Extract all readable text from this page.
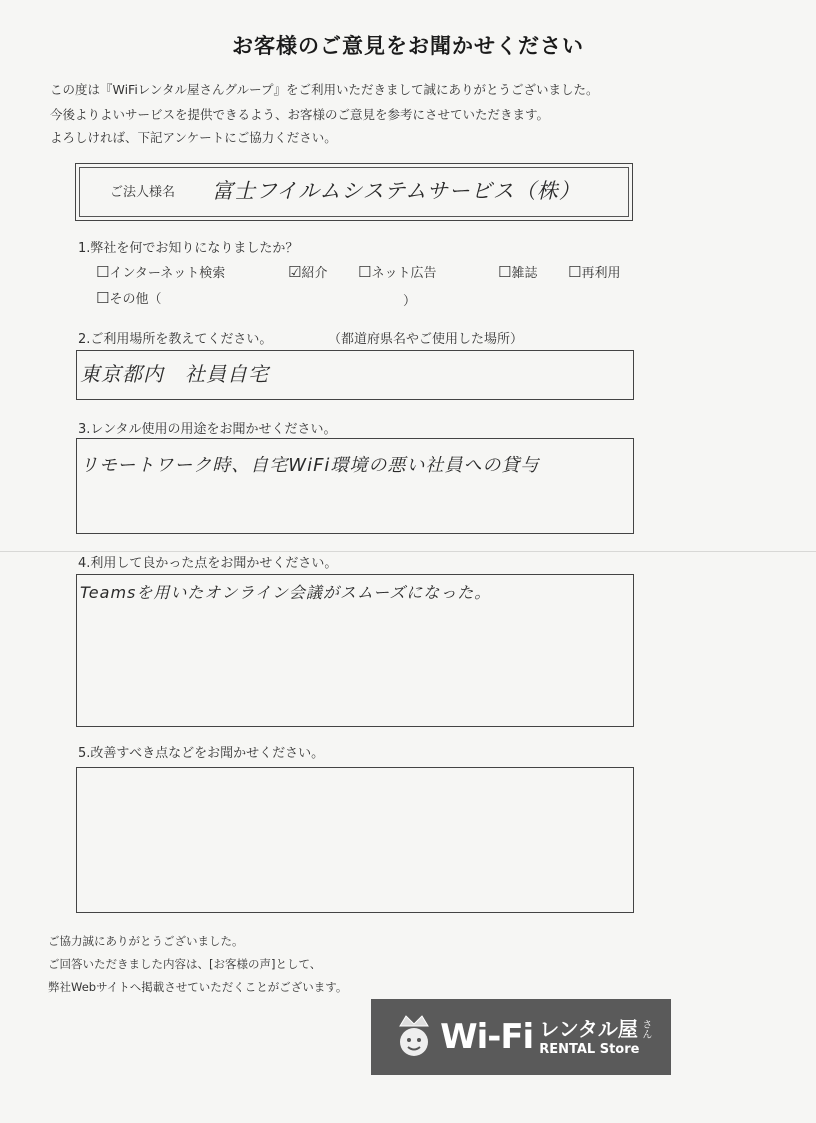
お客様のご意見をお聞かせください
この度は『WiFiレンタル屋さんグループ』をご利用いただきまして誠にありがとうございました。
今後よりよいサービスを提供できるよう、お客様のご意見を参考にさせていただきます。
よろしければ、下記アンケートにご協力ください。
ご法人様名 富士フイルムシステムサービス（株）
1.弊社を何でお知りになりましたか？
☐インターネット検索	☑紹介 ☐ネット広告	☐雑誌 ☐再利用
☐その他（	）
2.ご利用場所を教えてください。	（都道府県名やご使用した場所）
東京都内　社員自宅
3.レンタル使用の用途をお聞かせください。
リモートワーク時、自宅WiFi環境の悪い社員への貸与
4.利用して良かった点をお聞かせください。
Teamsを用いたオンライン会議がスムーズになった。
5.改善すべき点などをお聞かせください。
ご協力誠にありがとうございました。
ご回答いただきました内容は、[お客様の声]として、
弊社Webサイトへ掲載させていただくことがございます。
Wi-Fi レンタル屋 さん
RENTAL Store
